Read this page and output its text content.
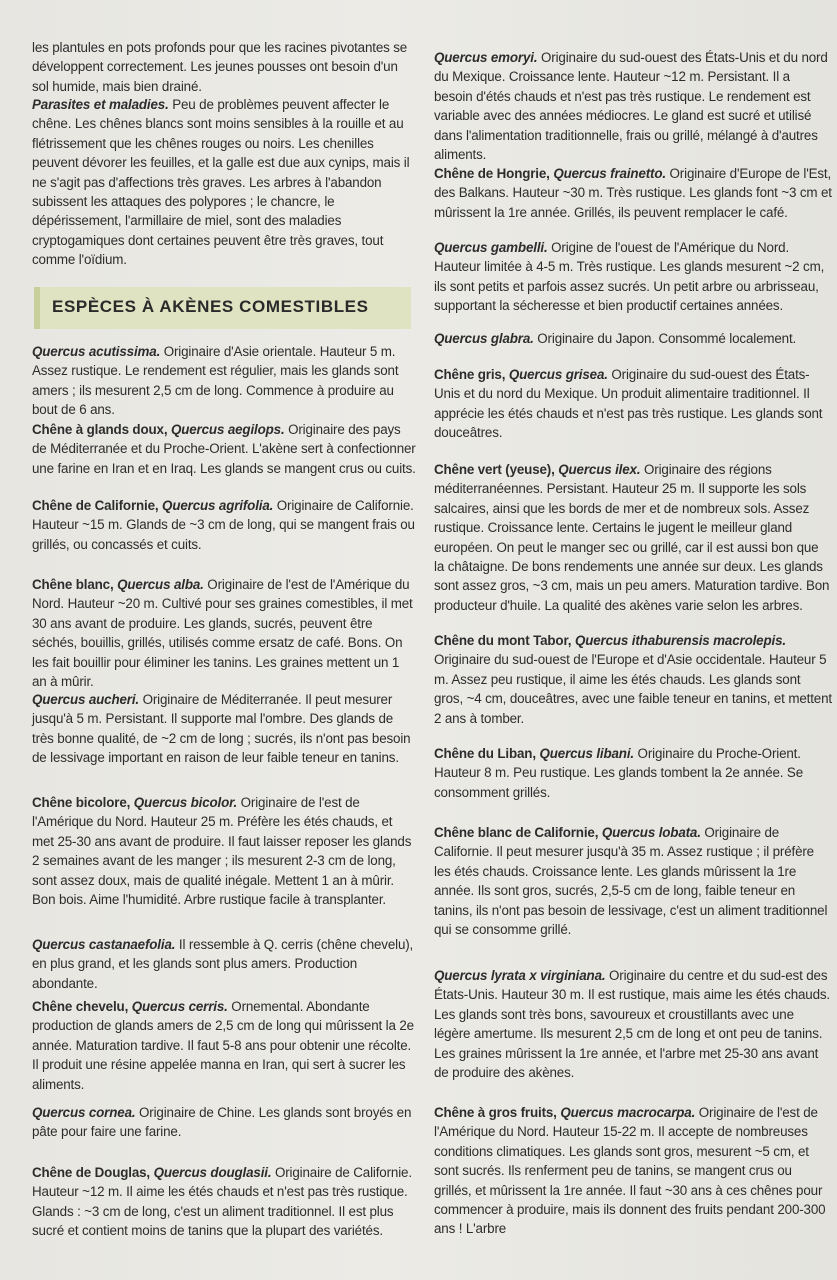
les plantules en pots profonds pour que les racines pivotantes se développent correctement. Les jeunes pousses ont besoin d'un sol humide, mais bien drainé.

Parasites et maladies. Peu de problèmes peuvent affecter le chêne. Les chênes blancs sont moins sensibles à la rouille et au flétrissement que les chênes rouges ou noirs. Les chenilles peuvent dévorer les feuilles, et la galle est due aux cynips, mais il ne s'agit pas d'affections très graves. Les arbres à l'abandon subissent les attaques des polypores ; le chancre, le dépérissement, l'armillaire de miel, sont des maladies cryptogamiques dont certaines peuvent être très graves, tout comme l'oïdium.

ESPÈCES À AKÈNES COMESTIBLES

Quercus acutissima. Originaire d'Asie orientale. Hauteur 5 m. Assez rustique. Le rendement est régulier, mais les glands sont amers ; ils mesurent 2,5 cm de long. Commence à produire au bout de 6 ans.

Chêne à glands doux, Quercus aegilops. Originaire des pays de Méditerranée et du Proche-Orient. L'akène sert à confectionner une farine en Iran et en Iraq. Les glands se mangent crus ou cuits.

Chêne de Californie, Quercus agrifolia. Originaire de Californie. Hauteur ~15 m. Glands de ~3 cm de long, qui se mangent frais ou grillés, ou concassés et cuits.

Chêne blanc, Quercus alba. Originaire de l'est de l'Amérique du Nord. Hauteur ~20 m. Cultivé pour ses graines comestibles, il met 30 ans avant de produire. Les glands, sucrés, peuvent être séchés, bouillis, grillés, utilisés comme ersatz de café. Bons. On les fait bouillir pour éliminer les tanins. Les graines mettent un 1 an à mûrir.

Quercus aucheri. Originaire de Méditerranée. Il peut mesurer jusqu'à 5 m. Persistant. Il supporte mal l'ombre. Des glands de très bonne qualité, de ~2 cm de long ; sucrés, ils n'ont pas besoin de lessivage important en raison de leur faible teneur en tanins.

Chêne bicolore, Quercus bicolor. Originaire de l'est de l'Amérique du Nord. Hauteur 25 m. Préfère les étés chauds, et met 25-30 ans avant de produire. Il faut laisser reposer les glands 2 semaines avant de les manger ; ils mesurent 2-3 cm de long, sont assez doux, mais de qualité inégale. Mettent 1 an à mûrir. Bon bois. Aime l'humidité. Arbre rustique facile à transplanter.

Quercus castanaefolia. Il ressemble à Q. cerris (chêne chevelu), en plus grand, et les glands sont plus amers. Production abondante.

Chêne chevelu, Quercus cerris. Ornemental. Abondante production de glands amers de 2,5 cm de long qui mûrissent la 2e année. Maturation tardive. Il faut 5-8 ans pour obtenir une récolte. Il produit une résine appelée manna en Iran, qui sert à sucrer les aliments.

Quercus cornea. Originaire de Chine. Les glands sont broyés en pâte pour faire une farine.

Chêne de Douglas, Quercus douglasii. Originaire de Californie. Hauteur ~12 m. Il aime les étés chauds et n'est pas très rustique. Glands : ~3 cm de long, c'est un aliment traditionnel. Il est plus sucré et contient moins de tanins que la plupart des variétés.

Quercus emoryi. Originaire du sud-ouest des États-Unis et du nord du Mexique. Croissance lente. Hauteur ~12 m. Persistant. Il a besoin d'étés chauds et n'est pas très rustique. Le rendement est variable avec des années médiocres. Le gland est sucré et utilisé dans l'alimentation traditionnelle, frais ou grillé, mélangé à d'autres aliments.

Chêne de Hongrie, Quercus frainetto. Originaire d'Europe de l'Est, des Balkans. Hauteur ~30 m. Très rustique. Les glands font ~3 cm et mûrissent la 1re année. Grillés, ils peuvent remplacer le café.

Quercus gambelli. Origine de l'ouest de l'Amérique du Nord. Hauteur limitée à 4-5 m. Très rustique. Les glands mesurent ~2 cm, ils sont petits et parfois assez sucrés. Un petit arbre ou arbrisseau, supportant la sécheresse et bien productif certaines années.

Quercus glabra. Originaire du Japon. Consommé localement.

Chêne gris, Quercus grisea. Originaire du sud-ouest des États-Unis et du nord du Mexique. Un produit alimentaire traditionnel. Il apprécie les étés chauds et n'est pas très rustique. Les glands sont douceâtres.

Chêne vert (yeuse), Quercus ilex. Originaire des régions méditerranéennes. Persistant. Hauteur 25 m. Il supporte les sols salcaires, ainsi que les bords de mer et de nombreux sols. Assez rustique. Croissance lente. Certains le jugent le meilleur gland européen. On peut le manger sec ou grillé, car il est aussi bon que la châtaigne. De bons rendements une année sur deux. Les glands sont assez gros, ~3 cm, mais un peu amers. Maturation tardive. Bon producteur d'huile. La qualité des akènes varie selon les arbres.

Chêne du mont Tabor, Quercus ithaburensis macrolepis. Originaire du sud-ouest de l'Europe et d'Asie occidentale. Hauteur 5 m. Assez peu rustique, il aime les étés chauds. Les glands sont gros, ~4 cm, douceâtres, avec une faible teneur en tanins, et mettent 2 ans à tomber.

Chêne du Liban, Quercus libani. Originaire du Proche-Orient. Hauteur 8 m. Peu rustique. Les glands tombent la 2e année. Se consomment grillés.

Chêne blanc de Californie, Quercus lobata. Originaire de Californie. Il peut mesurer jusqu'à 35 m. Assez rustique ; il préfère les étés chauds. Croissance lente. Les glands mûrissent la 1re année. Ils sont gros, sucrés, 2,5-5 cm de long, faible teneur en tanins, ils n'ont pas besoin de lessivage, c'est un aliment traditionnel qui se consomme grillé.

Quercus lyrata x virginiana. Originaire du centre et du sud-est des États-Unis. Hauteur 30 m. Il est rustique, mais aime les étés chauds. Les glands sont très bons, savoureux et croustillants avec une légère amertume. Ils mesurent 2,5 cm de long et ont peu de tanins. Les graines mûrissent la 1re année, et l'arbre met 25-30 ans avant de produire des akènes.

Chêne à gros fruits, Quercus macrocarpa. Originaire de l'est de l'Amérique du Nord. Hauteur 15-22 m. Il accepte de nombreuses conditions climatiques. Les glands sont gros, mesurent ~5 cm, et sont sucrés. Ils renferment peu de tanins, se mangent crus ou grillés, et mûrissent la 1re année. Il faut ~30 ans à ces chênes pour commencer à produire, mais ils donnent des fruits pendant 200-300 ans ! L'arbre
